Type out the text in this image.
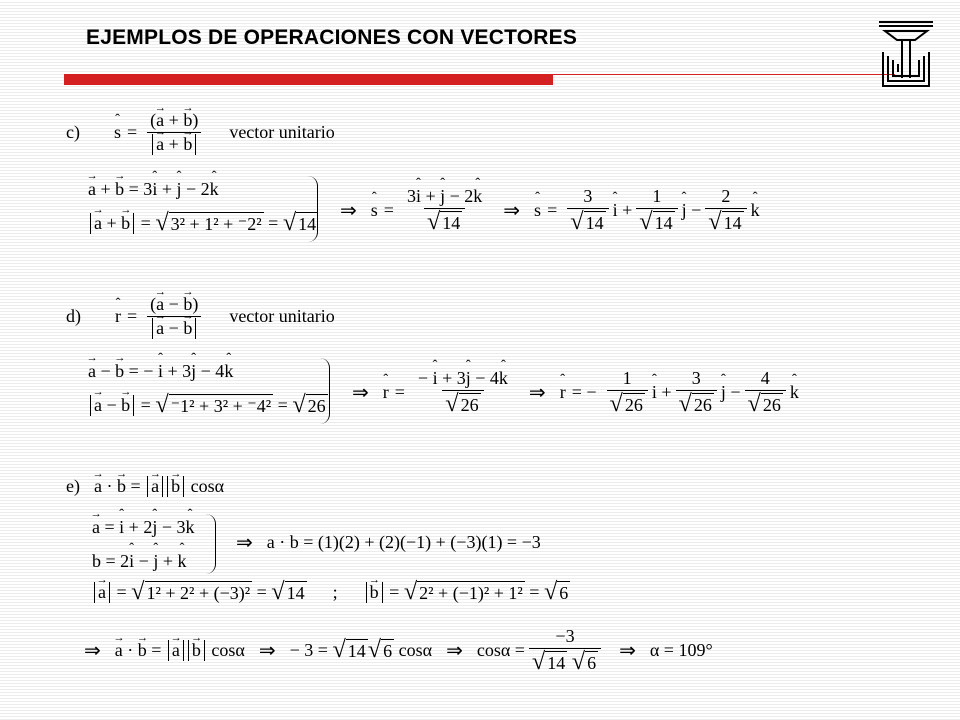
EJEMPLOS DE OPERACIONES CON VECTORES
c) s ˆ = $\frac{(a \to + b \to)}{a \to + b}$ → vector unitario
a → + b → = 3 i ˆ + j ˆ − 2 k ˆ
a → + b → = √ 3² + 1² + ⁻2² = √ 14
⇒ s ˆ = $\frac{\text{3i ˆ + j ˆ − 2k ˆ}}{√ 14}$ ⇒ s ˆ = $\frac{3}{√ 14}$ i ˆ + $\frac{1}{√ 14}$ j ˆ − $\frac{2}{√ 14}$ k ˆ
d) r ˆ = $\frac{(a \to - b \to)}{a \to - b}$ → vector unitario
a → − b → = − i ˆ + 3 j ˆ − 4 k ˆ
a → − b → = √ ⁻1² + 3² + ⁻4² = √ 26
⇒ r ˆ = $\frac{\text{− i ˆ + 3j ˆ − 4k ˆ}}{√ 26}$ ⇒ r ˆ = − $\frac{1}{√ 26}$ i ˆ + $\frac{3}{√ 26}$ j ˆ − $\frac{4}{√ 26}$ k ˆ
e) a → · b → = a → b → cosα
a → = i ˆ + 2 j ˆ − 3 k ˆ
b = 2 i ˆ − j ˆ + k ˆ
⇒ a · b = (1)(2) + (2)(−1) + (−3)(1) = −3
a → = √ 1² + 2² + (−3)² = √ 14 ; b → = √ 2² + (−1)² + 1² = √ 6
⇒ a → · b → = a → b → cosα ⇒ − 3 =
√ 14 √ 6
cosα ⇒ cosα = −3
√ 14
√ 6 ⇒ α = 109°
